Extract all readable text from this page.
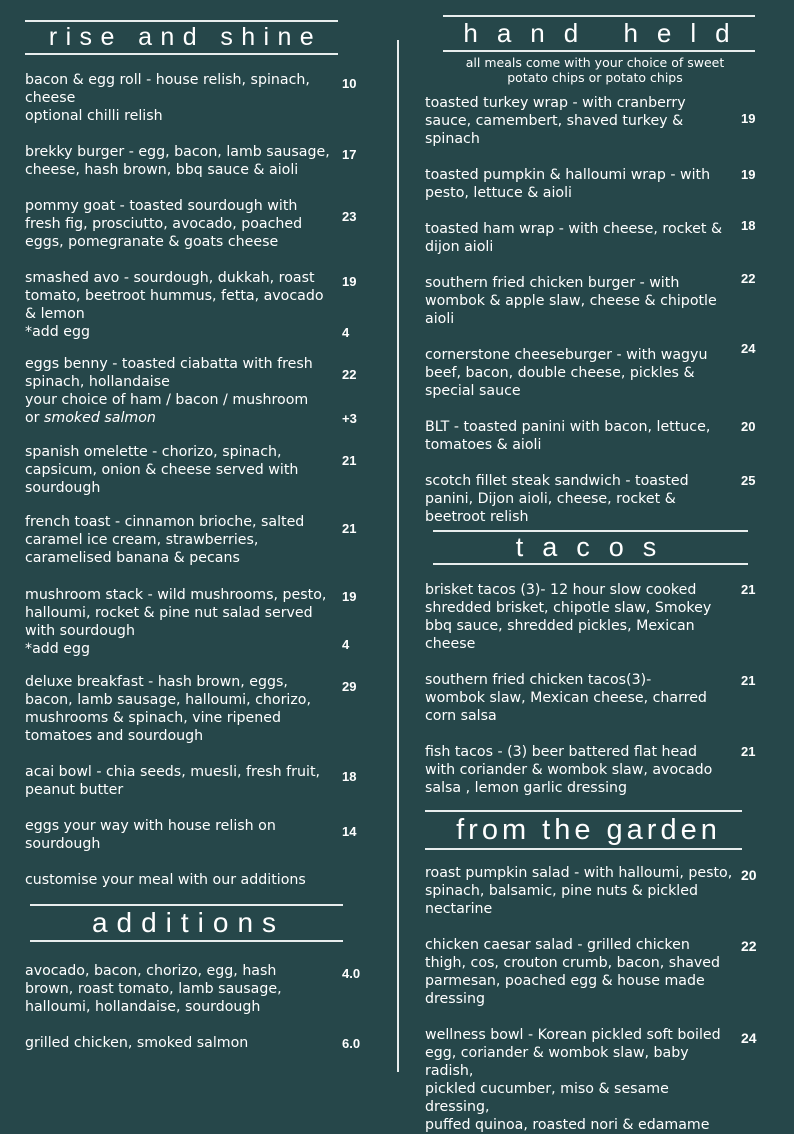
rise and shine
bacon & egg roll - house relish, spinach,
cheese
optional chilli relish
10
brekky burger - egg, bacon, lamb sausage,
cheese, hash brown, bbq sauce & aioli
17
pommy goat - toasted sourdough with
fresh fig, prosciutto, avocado, poached
eggs, pomegranate & goats cheese
23
smashed avo - sourdough, dukkah, roast
tomato, beetroot hummus, fetta, avocado
& lemon
*add egg
19
4
eggs benny - toasted ciabatta with fresh
spinach, hollandaise
your choice of ham / bacon / mushroom
or smoked salmon
22
+3
spanish omelette - chorizo, spinach,
capsicum, onion & cheese served with
sourdough
21
french toast - cinnamon brioche, salted
caramel ice cream, strawberries,
caramelised banana & pecans
21
mushroom stack - wild mushrooms, pesto,
halloumi, rocket & pine nut salad served
with sourdough
*add egg
19
4
deluxe breakfast - hash brown, eggs,
bacon, lamb sausage, halloumi, chorizo,
mushrooms & spinach, vine ripened
tomatoes and sourdough
29
acai bowl - chia seeds, muesli, fresh fruit,
peanut butter
18
eggs your way with house relish on
sourdough
14
customise your meal with our additions
additions
avocado, bacon, chorizo, egg, hash
brown, roast tomato, lamb sausage,
halloumi, hollandaise, sourdough
4.0
grilled chicken, smoked salmon	6.0
hand held
all meals come with your choice of sweet potato chips or potato chips
toasted turkey wrap - with cranberry
sauce, camembert, shaved turkey &
spinach
19
toasted pumpkin & halloumi wrap - with
pesto, lettuce & aioli
19
toasted ham wrap - with cheese, rocket &
dijon aioli
18
southern fried chicken burger - with
wombok & apple slaw, cheese & chipotle
aioli
22
cornerstone cheeseburger - with wagyu
beef, bacon, double cheese, pickles &
special sauce
24
BLT - toasted panini with bacon, lettuce,
tomatoes & aioli
20
scotch fillet steak sandwich - toasted
panini, Dijon aioli, cheese, rocket &
beetroot relish
25
tacos
brisket tacos (3)- 12 hour slow cooked
shredded brisket, chipotle slaw, Smokey
bbq sauce, shredded pickles, Mexican
cheese
21
southern fried chicken tacos(3)-
wombok slaw, Mexican cheese, charred
corn salsa
21
fish tacos - (3) beer battered flat head
with coriander & wombok slaw, avocado
salsa , lemon garlic dressing
21
from the garden
roast pumpkin salad - with halloumi, pesto,
spinach, balsamic, pine nuts & pickled
nectarine
20
chicken caesar salad - grilled chicken
thigh, cos, crouton crumb, bacon, shaved
parmesan, poached egg & house made
dressing
22
wellness bowl - Korean pickled soft boiled
egg, coriander & wombok slaw, baby radish,
pickled cucumber, miso & sesame dressing,
puffed quinoa, roasted nori & edamame
24
